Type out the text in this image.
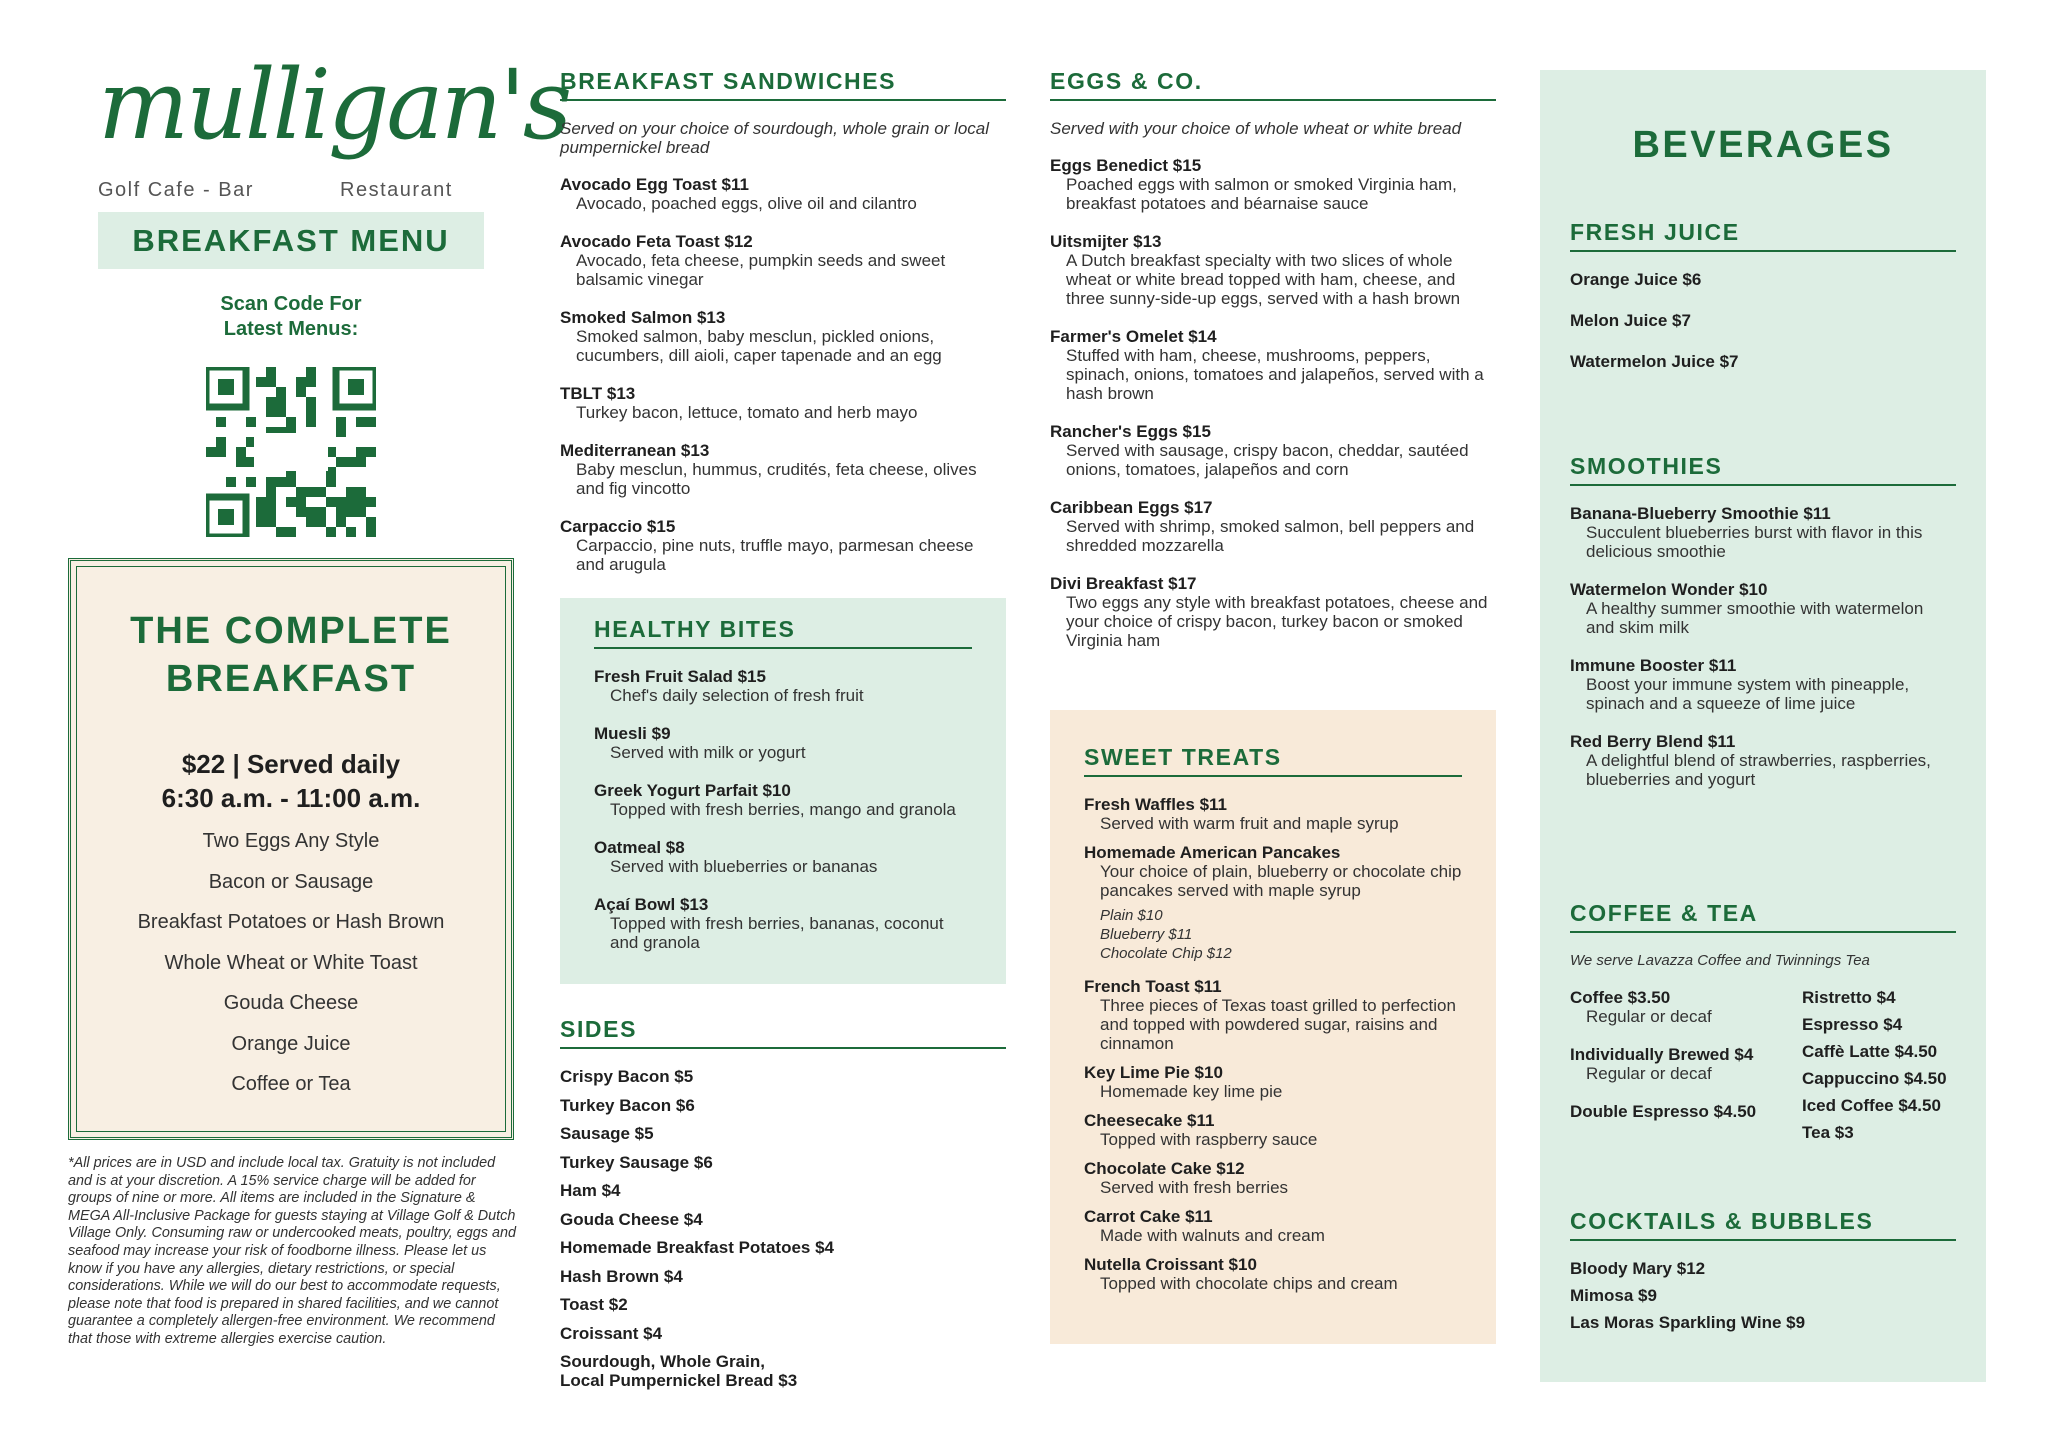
mulligan's
Golf Cafe - Bar	Restaurant
BREAKFAST MENU
Scan Code For
Latest Menus:
THE COMPLETE
BREAKFAST
$22 | Served daily
6:30 a.m. - 11:00 a.m.
Two Eggs Any Style
Bacon or Sausage
Breakfast Potatoes or Hash Brown
Whole Wheat or White Toast
Gouda Cheese
Orange Juice
Coffee or Tea
*All prices are in USD and include local tax. Gratuity is not included and is at your discretion. A 15% service charge will be added for groups of nine or more. All items are included in the Signature & MEGA All-Inclusive Package for guests staying at Village Golf & Dutch Village Only. Consuming raw or undercooked meats, poultry, eggs and seafood may increase your risk of foodborne illness. Please let us know if you have any allergies, dietary restrictions, or special considerations. While we will do our best to accommodate requests, please note that food is prepared in shared facilities, and we cannot guarantee a completely allergen-free environment. We recommend that those with extreme allergies exercise caution.
BREAKFAST SANDWICHES
Served on your choice of sourdough, whole grain or local pumpernickel bread
Avocado Egg Toast $11
Avocado, poached eggs, olive oil and cilantro
Avocado Feta Toast $12
Avocado, feta cheese, pumpkin seeds and sweet balsamic vinegar
Smoked Salmon $13
Smoked salmon, baby mesclun, pickled onions, cucumbers, dill aioli, caper tapenade and an egg
TBLT $13
Turkey bacon, lettuce, tomato and herb mayo
Mediterranean $13
Baby mesclun, hummus, crudités, feta cheese, olives and fig vincotto
Carpaccio $15
Carpaccio, pine nuts, truffle mayo, parmesan cheese and arugula
HEALTHY BITES
Fresh Fruit Salad $15
Chef's daily selection of fresh fruit
Muesli $9
Served with milk or yogurt
Greek Yogurt Parfait $10
Topped with fresh berries, mango and granola
Oatmeal $8
Served with blueberries or bananas
Açaí Bowl $13
Topped with fresh berries, bananas, coconut and granola
SIDES
Crispy Bacon $5
Turkey Bacon $6
Sausage $5
Turkey Sausage $6
Ham $4
Gouda Cheese $4
Homemade Breakfast Potatoes $4
Hash Brown $4
Toast $2
Croissant $4
Sourdough, Whole Grain,
Local Pumpernickel Bread $3
EGGS & CO.
Served with your choice of whole wheat or white bread
Eggs Benedict $15
Poached eggs with salmon or smoked Virginia ham, breakfast potatoes and béarnaise sauce
Uitsmijter $13
A Dutch breakfast specialty with two slices of whole wheat or white bread topped with ham, cheese, and three sunny-side-up eggs, served with a hash brown
Farmer's Omelet $14
Stuffed with ham, cheese, mushrooms, peppers, spinach, onions, tomatoes and jalapeños, served with a hash brown
Rancher's Eggs $15
Served with sausage, crispy bacon, cheddar, sautéed onions, tomatoes, jalapeños and corn
Caribbean Eggs $17
Served with shrimp, smoked salmon, bell peppers and shredded mozzarella
Divi Breakfast $17
Two eggs any style with breakfast potatoes, cheese and your choice of crispy bacon, turkey bacon or smoked Virginia ham
SWEET TREATS
Fresh Waffles $11
Served with warm fruit and maple syrup
Homemade American Pancakes
Your choice of plain, blueberry or chocolate chip pancakes served with maple syrup
Plain $10
Blueberry $11
Chocolate Chip $12
French Toast $11
Three pieces of Texas toast grilled to perfection and topped with powdered sugar, raisins and cinnamon
Key Lime Pie $10
Homemade key lime pie
Cheesecake $11
Topped with raspberry sauce
Chocolate Cake $12
Served with fresh berries
Carrot Cake $11
Made with walnuts and cream
Nutella Croissant $10
Topped with chocolate chips and cream
BEVERAGES
FRESH JUICE
Orange Juice $6
Melon Juice $7
Watermelon Juice $7
SMOOTHIES
Banana-Blueberry Smoothie $11
Succulent blueberries burst with flavor in this delicious smoothie
Watermelon Wonder $10
A healthy summer smoothie with watermelon and skim milk
Immune Booster $11
Boost your immune system with pineapple, spinach and a squeeze of lime juice
Red Berry Blend $11
A delightful blend of strawberries, raspberries, blueberries and yogurt
COFFEE & TEA
We serve Lavazza Coffee and Twinnings Tea
Coffee $3.50
Regular or decaf
Individually Brewed $4
Regular or decaf
Double Espresso $4.50
Ristretto $4
Espresso $4
Caffè Latte $4.50
Cappuccino $4.50
Iced Coffee $4.50
Tea $3
COCKTAILS & BUBBLES
Bloody Mary $12
Mimosa $9
Las Moras Sparkling Wine $9
